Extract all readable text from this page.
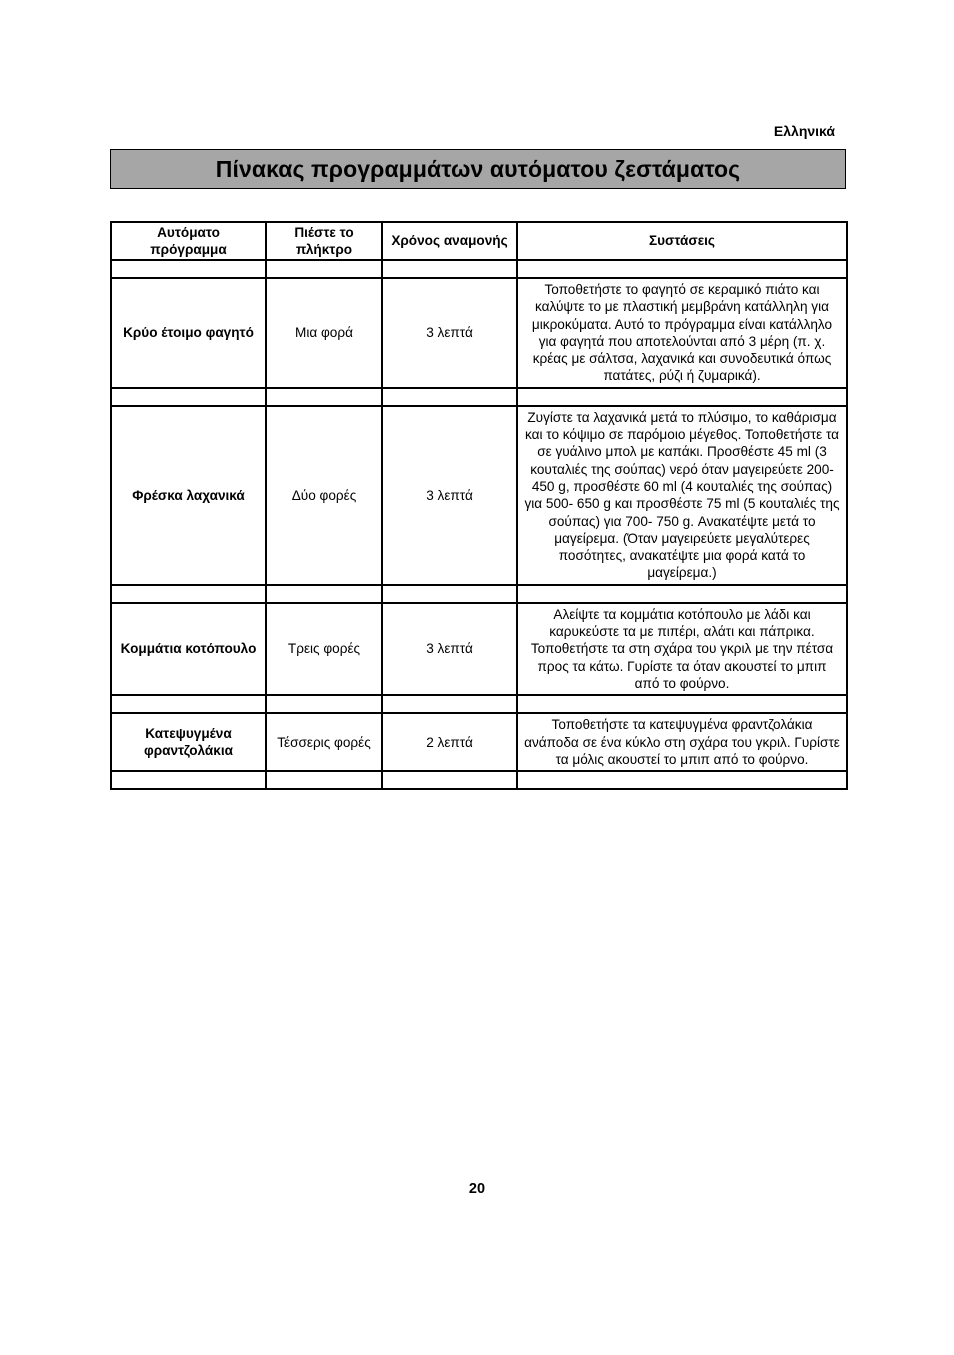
Ελληνικά
Πίνακας προγραμμάτων αυτόματου ζεστάματος
Αυτόματο πρόγραμμα	Πιέστε το πλήκτρο	Χρόνος αναμονής	Συστάσεις

Κρύο έτοιμο φαγητό	Μια φορά	3 λεπτά	Τοποθετήστε το φαγητό σε κεραμικό πιάτο και καλύψτε το με πλαστική μεμβράνη κατάλληλη για μικροκύματα. Αυτό το πρόγραμμα είναι κατάλληλο για φαγητά που αποτελούνται από 3 μέρη (π. χ. κρέας με σάλτσα, λαχανικά και συνοδευτικά όπως πατάτες, ρύζι ή ζυμαρικά).

Φρέσκα λαχανικά	Δύο φορές	3 λεπτά	Ζυγίστε τα λαχανικά μετά το πλύσιμο, το καθάρισμα και το κόψιμο σε παρόμοιο μέγεθος. Τοποθετήστε τα σε γυάλινο μπολ με καπάκι. Προσθέστε 45 ml (3 κουταλιές της σούπας) νερό όταν μαγειρεύετε 200- 450 g, προσθέστε 60 ml (4 κουταλιές της σούπας) για 500- 650 g και προσθέστε 75 ml (5 κουταλιές της σούπας) για 700- 750 g. Ανακατέψτε μετά το μαγείρεμα. (Όταν μαγειρεύετε μεγαλύτερες ποσότητες, ανακατέψτε μια φορά κατά το μαγείρεμα.)

Κομμάτια κοτόπουλο	Τρεις φορές	3 λεπτά	Αλείψτε τα κομμάτια κοτόπουλο με λάδι και καρυκεύστε τα με πιπέρι, αλάτι και πάπρικα. Τοποθετήστε τα στη σχάρα του γκριλ με την πέτσα προς τα κάτω. Γυρίστε τα όταν ακουστεί το μπιπ από το φούρνο.

Κατεψυγμένα φραντζολάκια	Τέσσερις φορές	2 λεπτά	Τοποθετήστε τα κατεψυγμένα φραντζολάκια ανάποδα σε ένα κύκλο στη σχάρα του γκριλ. Γυρίστε τα μόλις ακουστεί το μπιπ από το φούρνο.

20
